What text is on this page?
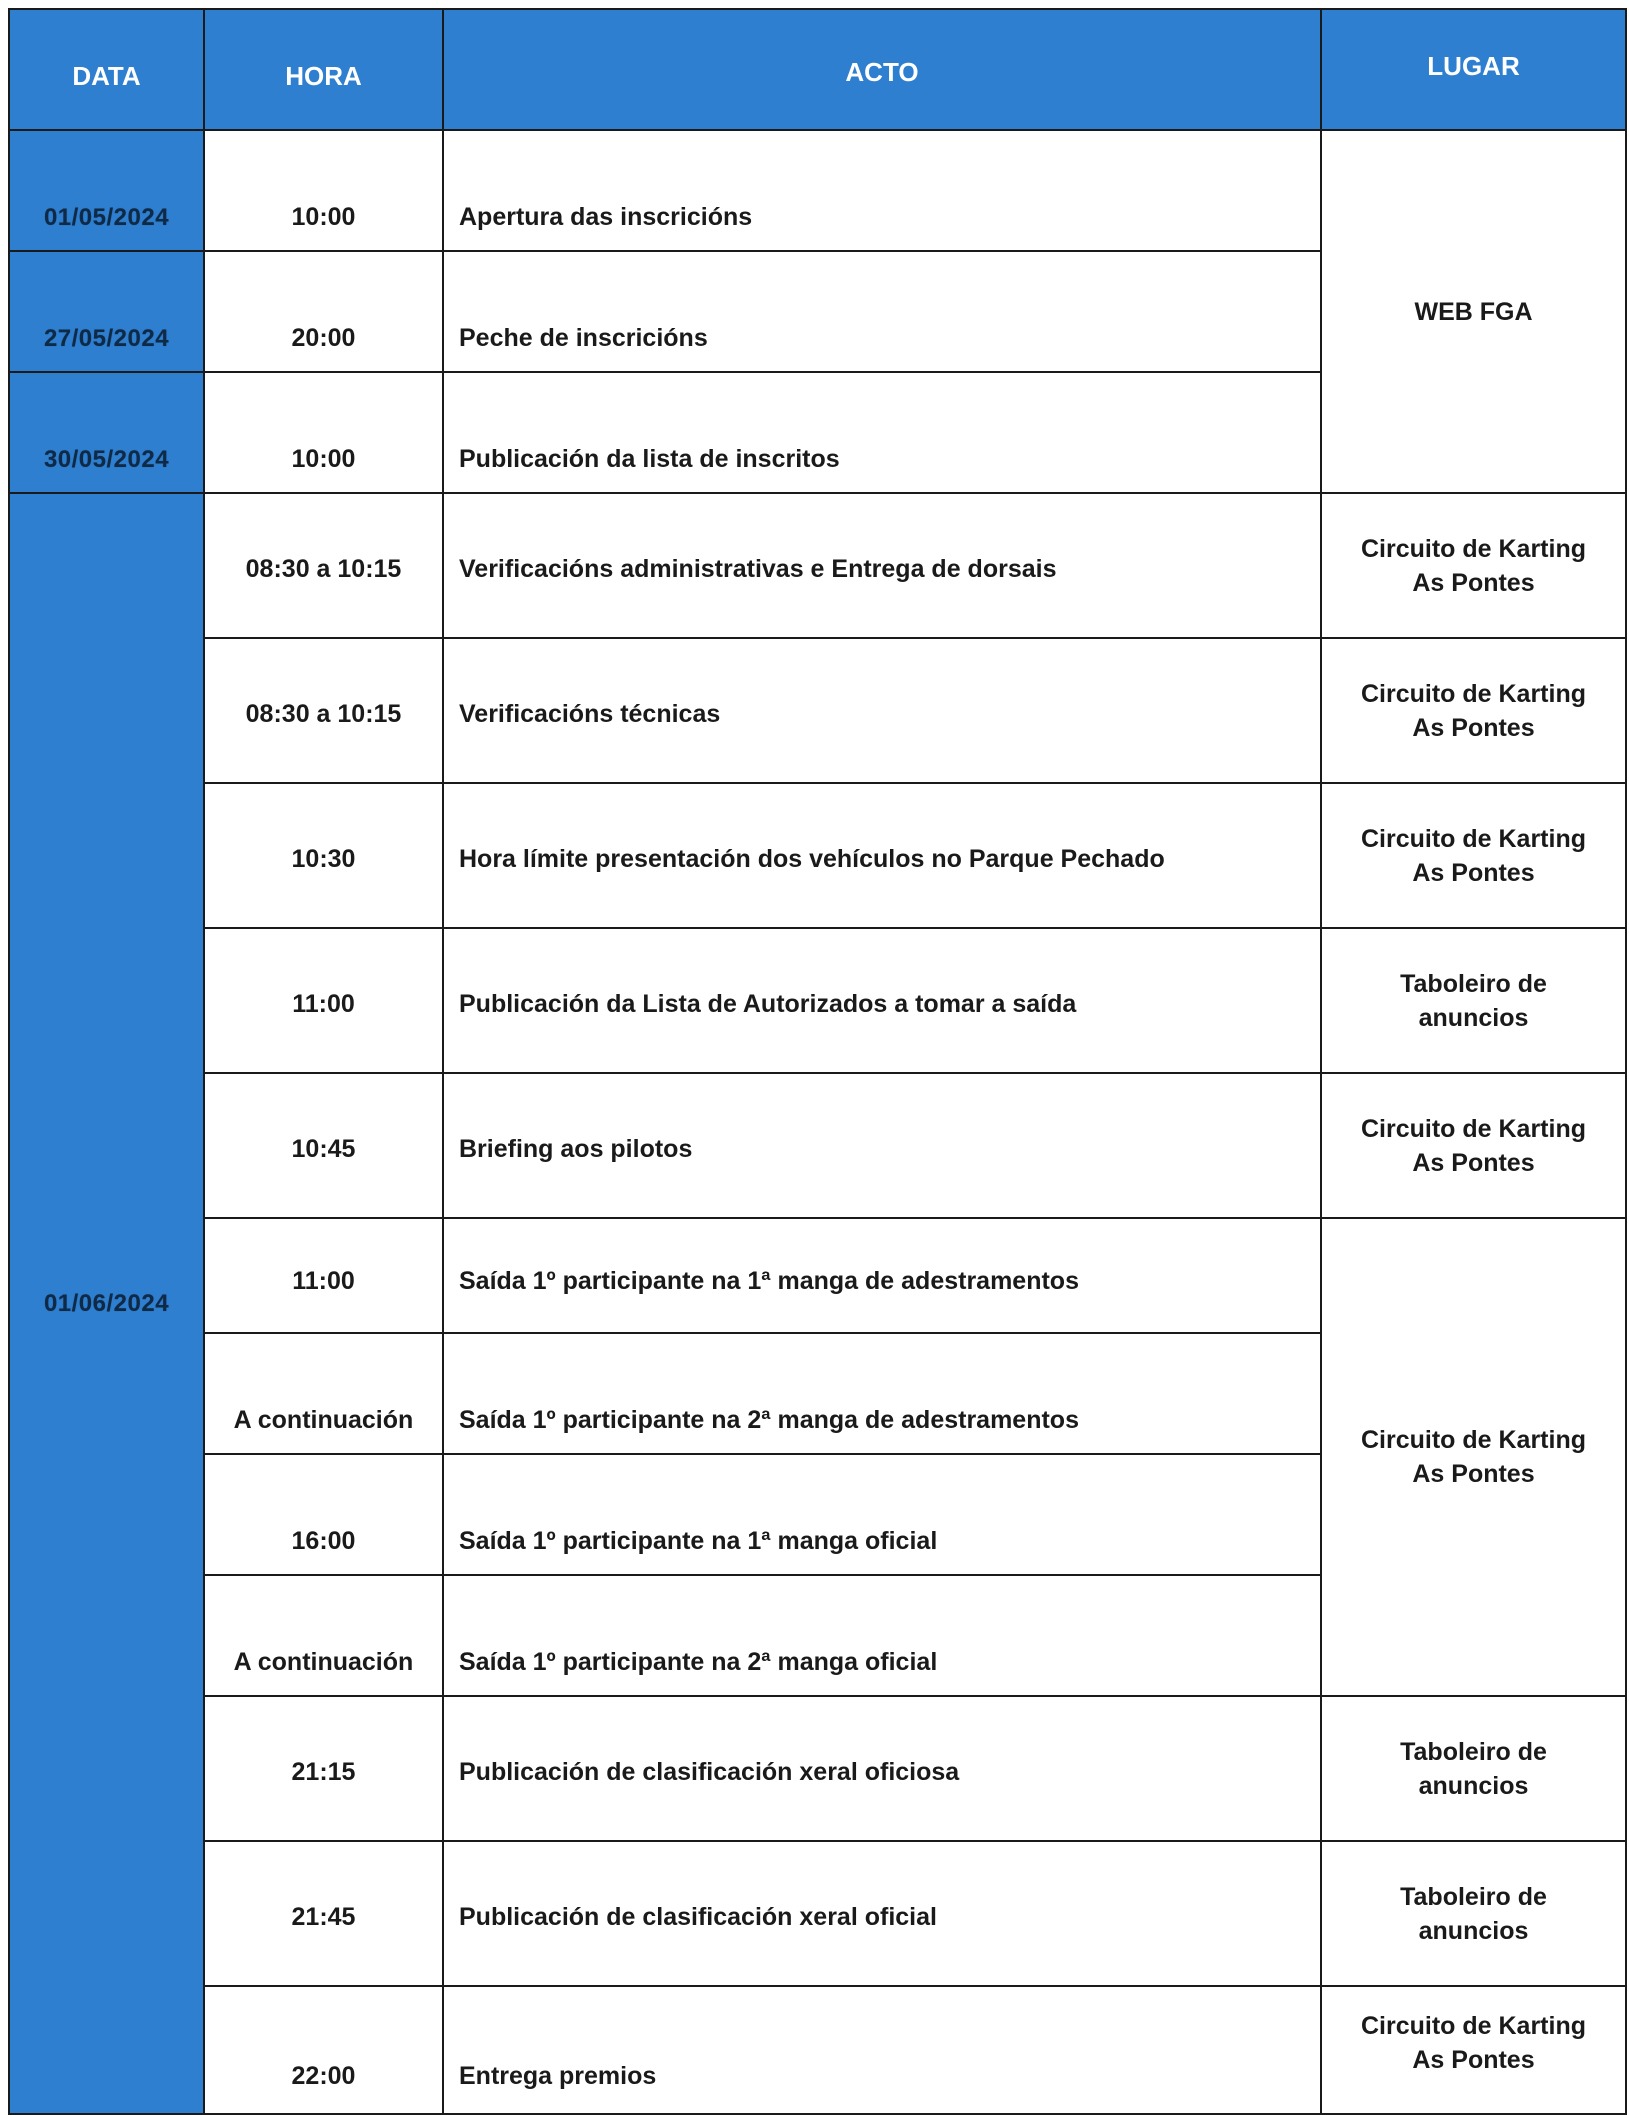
DATA	HORA	ACTO	LUGAR
01/05/2024	10:00	Apertura das inscricións	WEB FGA

27/05/2024	20:00	Peche de inscricións	
30/05/2024	10:00	Publicación da lista de inscritos	
01/06/2024	08:30 a 10:15	Verificacións administrativas e Entrega de dorsais	Circuito de Karting
As Pontes

	08:30 a 10:15	Verificacións técnicas	Circuito de Karting
As Pontes

	10:30	Hora límite presentación dos vehículos no Parque Pechado	Circuito de Karting
As Pontes

	11:00	Publicación da Lista de Autorizados a tomar a saída	Taboleiro de
anuncios

	10:45	Briefing aos pilotos	Circuito de Karting
As Pontes

	11:00	Saída 1º participante na 1ª manga de adestramentos	Circuito de Karting
As Pontes

	A continuación	Saída 1º participante na 2ª manga de adestramentos	
	16:00	Saída 1º participante na 1ª manga oficial	
	A continuación	Saída 1º participante na 2ª manga oficial	
	21:15	Publicación de clasificación xeral oficiosa	Taboleiro de
anuncios

	21:45	Publicación de clasificación xeral oficial	Taboleiro de
anuncios

	22:00	Entrega premios	Circuito de Karting
As Pontes
